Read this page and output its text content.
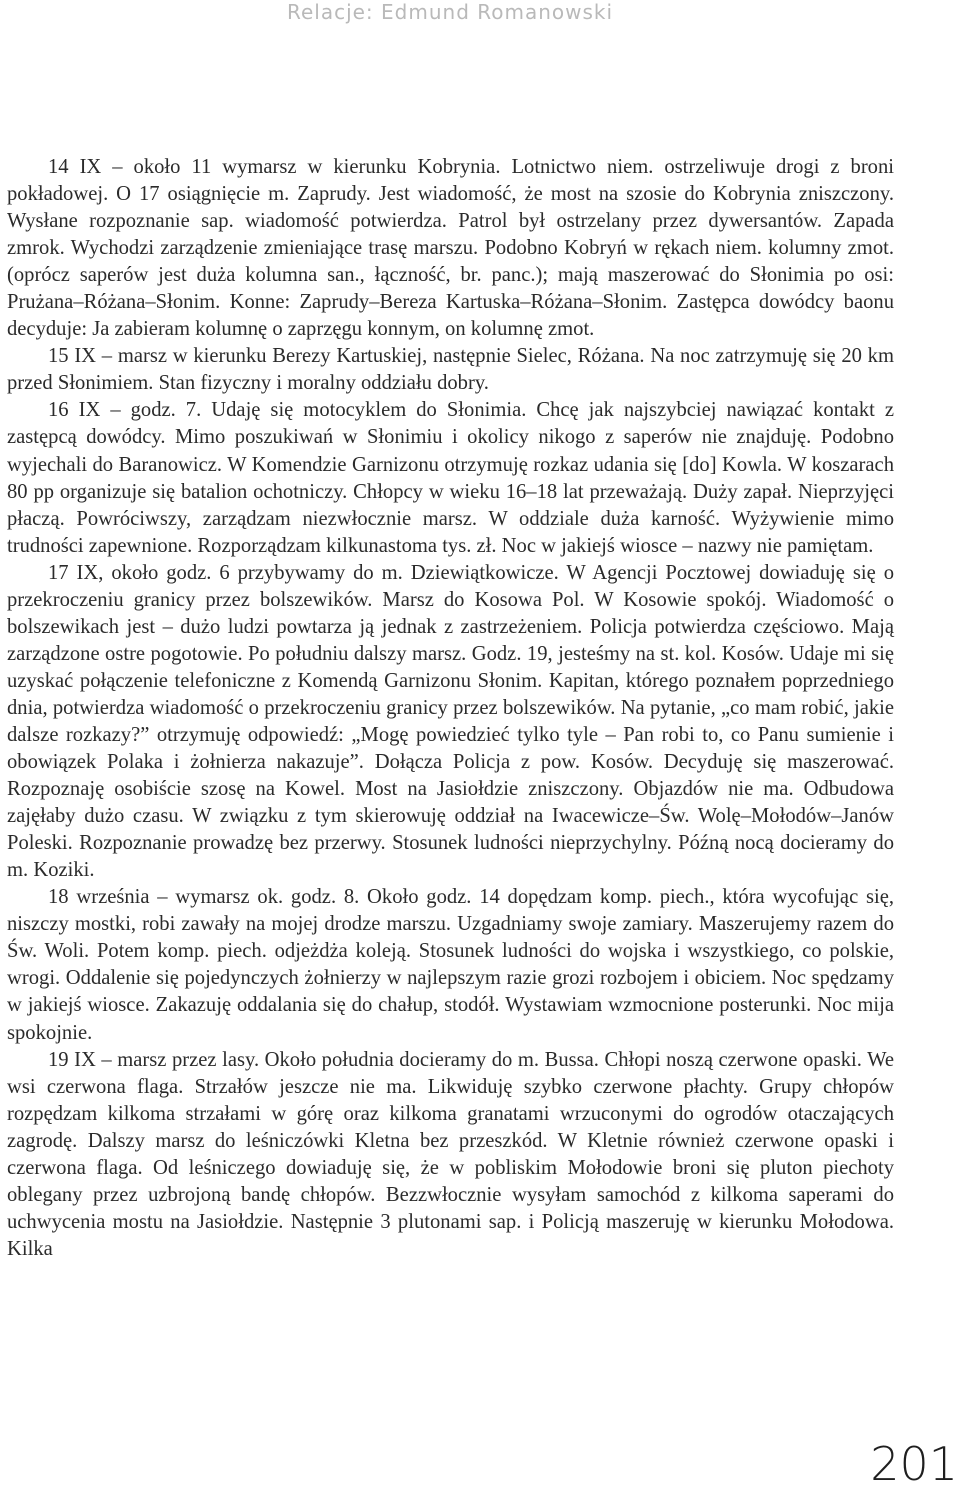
Relacje: Edmund Romanowski

14 IX – około 11 wymarsz w kierunku Kobrynia. Lotnictwo niem. ostrzeliwuje drogi z broni pokładowej. O 17 osiągnięcie m. Zaprudy. Jest wiadomość, że most na szosie do Kobrynia zniszczony. Wysłane rozpoznanie sap. wiadomość potwierdza. Patrol był ostrzelany przez dywersantów. Zapada zmrok. Wychodzi zarządzenie zmieniające trasę marszu. Podobno Kobryń w rękach niem. kolumny zmot. (oprócz saperów jest duża kolumna san., łączność, br. panc.); mają maszerować do Słonimia po osi: Prużana–Różana–Słonim. Konne: Zaprudy–Bereza Kartuska–Różana–Słonim. Zastępca dowódcy baonu decyduje: Ja zabieram kolumnę o zaprzęgu konnym, on kolumnę zmot.

15 IX – marsz w kierunku Berezy Kartuskiej, następnie Sielec, Różana. Na noc zatrzymuję się 20 km przed Słonimiem. Stan fizyczny i moralny oddziału dobry.

16 IX – godz. 7. Udaję się motocyklem do Słonimia. Chcę jak najszybciej nawiązać kontakt z zastępcą dowódcy. Mimo poszukiwań w Słonimiu i okolicy nikogo z saperów nie znajduję. Podobno wyjechali do Baranowicz. W Komendzie Garnizonu otrzymuję rozkaz udania się [do] Kowla. W koszarach 80 pp organizuje się batalion ochotniczy. Chłopcy w wieku 16–18 lat przeważają. Duży zapał. Nieprzyjęci płaczą. Powróciwszy, zarządzam niezwłocznie marsz. W oddziale duża karność. Wyżywienie mimo trudności zapewnione. Rozporządzam kilkunastoma tys. zł. Noc w jakiejś wiosce – nazwy nie pamiętam.

17 IX, około godz. 6 przybywamy do m. Dziewiątkowicze. W Agencji Pocztowej dowiaduję się o przekroczeniu granicy przez bolszewików. Marsz do Kosowa Pol. W Kosowie spokój. Wiadomość o bolszewikach jest – dużo ludzi powtarza ją jednak z zastrzeżeniem. Policja potwierdza częściowo. Mają zarządzone ostre pogotowie. Po południu dalszy marsz. Godz. 19, jesteśmy na st. kol. Kosów. Udaje mi się uzyskać połączenie telefoniczne z Komendą Garnizonu Słonim. Kapitan, którego poznałem poprzedniego dnia, potwierdza wiadomość o przekroczeniu granicy przez bolszewików. Na pytanie, „co mam robić, jakie dalsze rozkazy?” otrzymuję odpowiedź: „Mogę powiedzieć tylko tyle – Pan robi to, co Panu sumienie i obowiązek Polaka i żołnierza nakazuje”. Dołącza Policja z pow. Kosów. Decyduję się maszerować. Rozpoznaję osobiście szosę na Kowel. Most na Jasiołdzie zniszczony. Objazdów nie ma. Odbudowa zajęłaby dużo czasu. W związku z tym skierowuję oddział na Iwacewicze–Św. Wolę–Mołodów–Janów Poleski. Rozpoznanie prowadzę bez przerwy. Stosunek ludności nieprzychylny. Późną nocą docieramy do m. Koziki.

18 września – wymarsz ok. godz. 8. Około godz. 14 dopędzam komp. piech., która wycofując się, niszczy mostki, robi zawały na mojej drodze marszu. Uzgadniamy swoje zamiary. Maszerujemy razem do Św. Woli. Potem komp. piech. odjeżdża koleją. Stosunek ludności do wojska i wszystkiego, co polskie, wrogi. Oddalenie się pojedynczych żołnierzy w najlepszym razie grozi rozbojem i obiciem. Noc spędzamy w jakiejś wiosce. Zakazuję oddalania się do chałup, stodół. Wystawiam wzmocnione posterunki. Noc mija spokojnie.

19 IX – marsz przez lasy. Około południa docieramy do m. Bussa. Chłopi noszą czerwone opaski. We wsi czerwona flaga. Strzałów jeszcze nie ma. Likwiduję szybko czerwone płachty. Grupy chłopów rozpędzam kilkoma strzałami w górę oraz kilkoma granatami wrzuconymi do ogrodów otaczających zagrodę. Dalszy marsz do leśniczówki Kletna bez przeszkód. W Kletnie również czerwone opaski i czerwona flaga. Od leśniczego dowiaduję się, że w pobliskim Mołodowie broni się pluton piechoty oblegany przez uzbrojoną bandę chłopów. Bezzwłocznie wysyłam samochód z kilkoma saperami do uchwycenia mostu na Jasiołdzie. Następnie 3 plutonami sap. i Policją maszeruję w kierunku Mołodowa. Kilka

201
